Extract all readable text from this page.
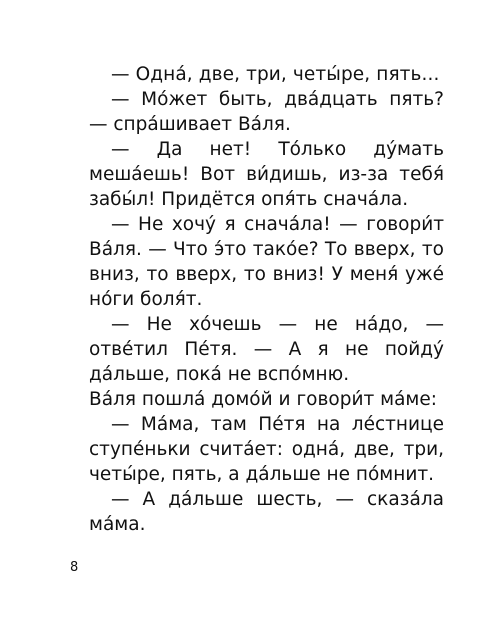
— Одна́, две, три, четы́ре, пять...

— Мо́жет быть, два́дцать пять? — спра́шивает Ва́ля.

— Да нет! То́лько ду́мать меша́ешь! Вот ви́дишь, из-за тебя́ забы́л! Придётся опя́ть снача́ла.

— Не хочу́ я снача́ла! — говори́т Ва́ля. — Что э́то тако́е? То вверх, то вниз, то вверх, то вниз! У меня́ уже́ но́ги боля́т.

— Не хо́чешь — не на́до, — отве́тил Пе́тя. — А я не пойду́ да́льше, пока́ не вспо́мню.

Ва́ля пошла́ домо́й и говори́т ма́ме:

— Ма́ма, там Пе́тя на ле́стнице ступе́ньки счита́ет: одна́, две, три, четы́ре, пять, а да́льше не по́мнит.

— А да́льше шесть, — сказа́ла ма́ма.

8
